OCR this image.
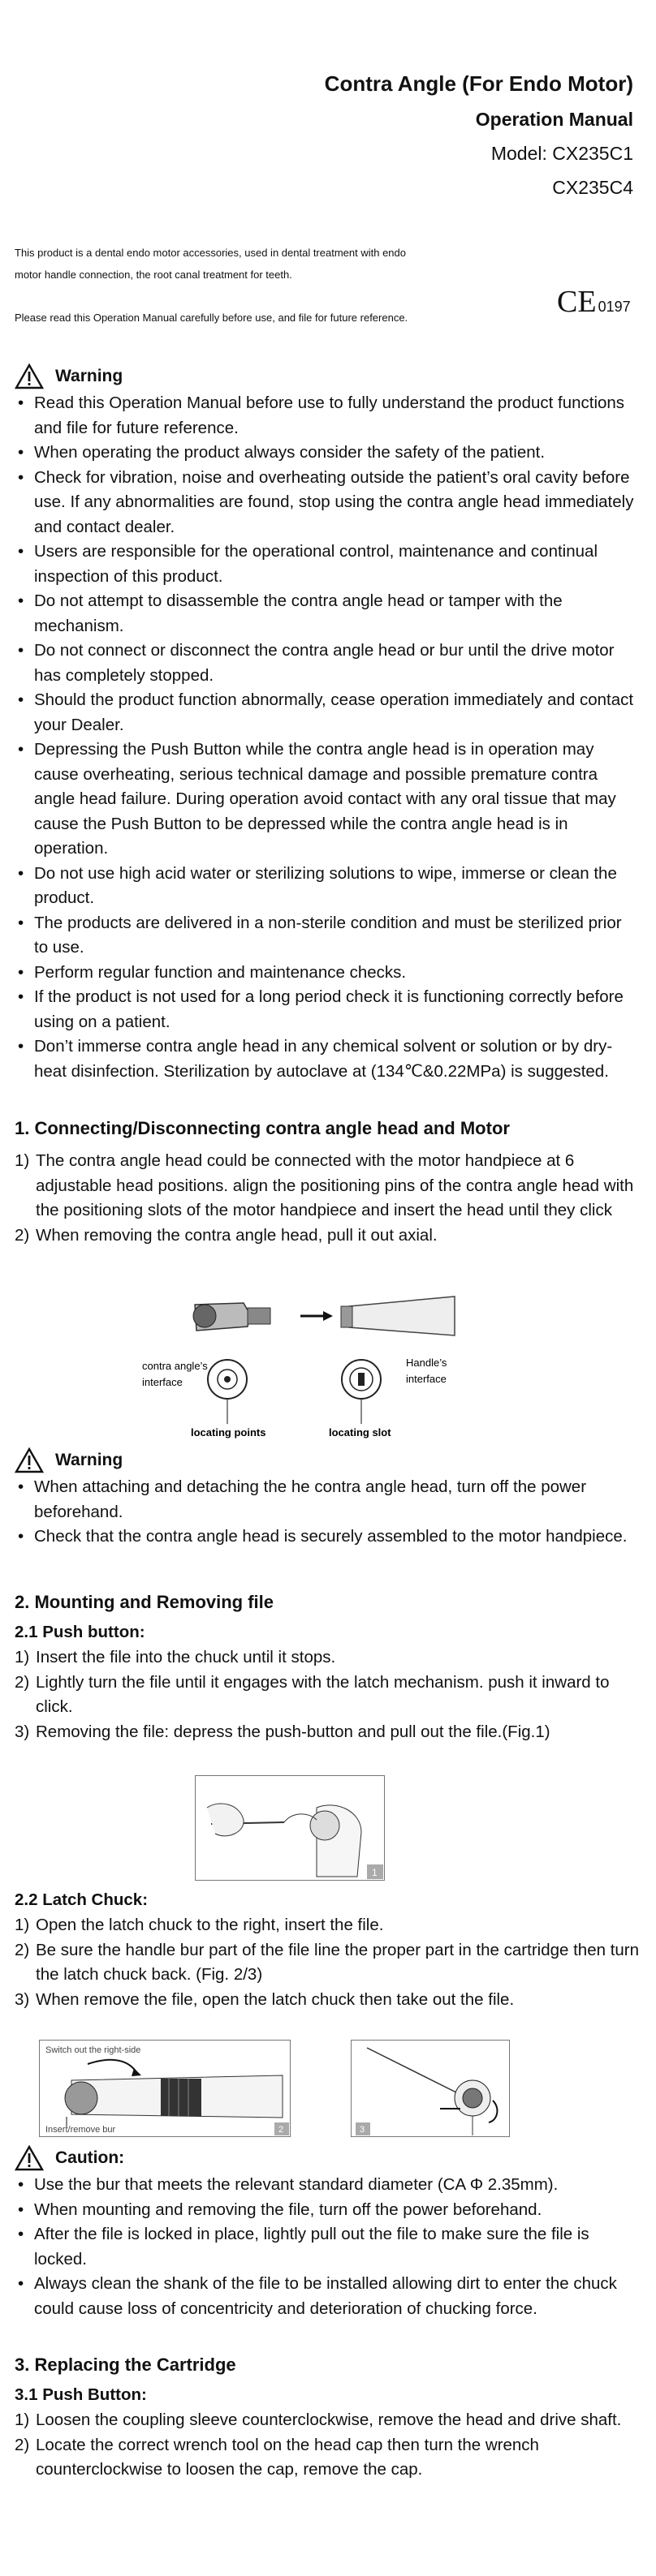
Contra Angle (For Endo Motor)
Operation Manual
Model: CX235C1
CX235C4
This product is a dental endo motor accessories, used in dental treatment with endo
motor handle connection, the root canal treatment for teeth.
Please read this Operation Manual carefully before use, and file for future reference.	CE 0197
Warning
• Read this Operation Manual before use to fully understand the product functions and file for future reference.
• When operating the product always consider the safety of the patient.
• Check for vibration, noise and overheating outside the patient’s oral cavity before use. If any abnormalities are found, stop using the contra angle head immediately and contact dealer.
• Users are responsible for the operational control, maintenance and continual inspection of this product.
• Do not attempt to disassemble the contra angle head or tamper with the mechanism.
• Do not connect or disconnect the contra angle head or bur until the drive motor has completely stopped.
• Should the product function abnormally, cease operation immediately and contact your Dealer.
• Depressing the Push Button while the contra angle head is in operation may cause overheating, serious technical damage and possible premature contra angle head failure. During operation avoid contact with any oral tissue that may cause the Push Button to be depressed while the contra angle head is in operation.
• Do not use high acid water or sterilizing solutions to wipe, immerse or clean the product.
• The products are delivered in a non-sterile condition and must be sterilized prior to use.
• Perform regular function and maintenance checks.
• If the product is not used for a long period check it is functioning correctly before using on a patient.
• Don’t immerse contra angle head in any chemical solvent or solution or by dry-heat disinfection. Sterilization by autoclave at (134℃&0.22MPa) is suggested.
1. Connecting/Disconnecting contra angle head and Motor
1) The contra angle head could be connected with the motor handpiece at 6 adjustable head positions. align the positioning pins of the contra angle head with the positioning slots of the motor handpiece and insert the head until they click
2) When removing the contra angle head, pull it out axial.
contra angle’s
interface
Handle’s
interface
locating points	locating slot
Warning
• When attaching and detaching the he contra angle head, turn off the power beforehand.
• Check that the contra angle head is securely assembled to the motor handpiece.
2. Mounting and Removing file
2.1 Push button:
1) Insert the file into the chuck until it stops.
2) Lightly turn the file until it engages with the latch mechanism. push it inward to click.
3) Removing the file: depress the push-button and pull out the file.(Fig.1)
1
2.2 Latch Chuck:
1) Open the latch chuck to the right, insert the file.
2) Be sure the handle bur part of the file line the proper part in the cartridge then turn the latch chuck back. (Fig. 2/3)
3) When remove the file, open the latch chuck then take out the file.
Switch out the right-side
Insert/remove bur	2	3
Caution:
• Use the bur that meets the relevant standard diameter (CA Φ 2.35mm).
• When mounting and removing the file, turn off the power beforehand.
• After the file is locked in place, lightly pull out the file to make sure the file is locked.
• Always clean the shank of the file to be installed allowing dirt to enter the chuck could cause loss of concentricity and deterioration of chucking force.
3. Replacing the Cartridge
3.1 Push Button:
1) Loosen the coupling sleeve counterclockwise, remove the head and drive shaft.
2) Locate the correct wrench tool on the head cap then turn the wrench counterclockwise to loosen the cap, remove the cap.
